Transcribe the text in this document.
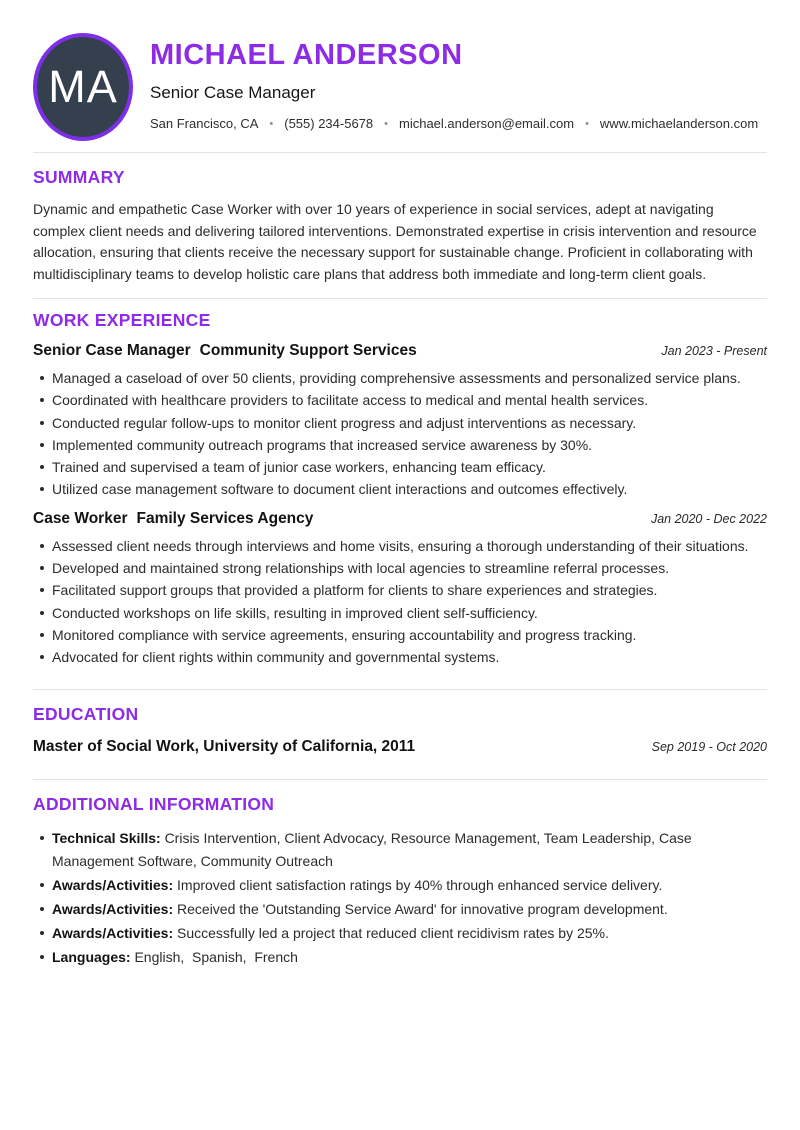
MA
MICHAEL ANDERSON
Senior Case Manager
San Francisco, CA • (555) 234-5678 • michael.anderson@email.com • www.michaelanderson.com
SUMMARY

Dynamic and empathetic Case Worker with over 10 years of experience in social services, adept at navigating complex client needs and delivering tailored interventions. Demonstrated expertise in crisis intervention and resource allocation, ensuring that clients receive the necessary support for sustainable change. Proficient in collaborating with multidisciplinary teams to develop holistic care plans that address both immediate and long-term client goals.

WORK EXPERIENCE
Senior Case Manager Community Support Services	Jan 2023 - Present
Managed a caseload of over 50 clients, providing comprehensive assessments and personalized service plans.
Coordinated with healthcare providers to facilitate access to medical and mental health services.
Conducted regular follow-ups to monitor client progress and adjust interventions as necessary.
Implemented community outreach programs that increased service awareness by 30%.
Trained and supervised a team of junior case workers, enhancing team efficacy.
Utilized case management software to document client interactions and outcomes effectively.
Case Worker Family Services Agency	Jan 2020 - Dec 2022
Assessed client needs through interviews and home visits, ensuring a thorough understanding of their situations.
Developed and maintained strong relationships with local agencies to streamline referral processes.
Facilitated support groups that provided a platform for clients to share experiences and strategies.
Conducted workshops on life skills, resulting in improved client self-sufficiency.
Monitored compliance with service agreements, ensuring accountability and progress tracking.
Advocated for client rights within community and governmental systems.
EDUCATION
Master of Social Work, University of California, 2011	Sep 2019 - Oct 2020
ADDITIONAL INFORMATION
Technical Skills: Crisis Intervention, Client Advocacy, Resource Management, Team Leadership, Case Management Software, Community Outreach
Awards/Activities: Improved client satisfaction ratings by 40% through enhanced service delivery.
Awards/Activities: Received the 'Outstanding Service Award' for innovative program development.
Awards/Activities: Successfully led a project that reduced client recidivism rates by 25%.
Languages: English,  Spanish,  French
